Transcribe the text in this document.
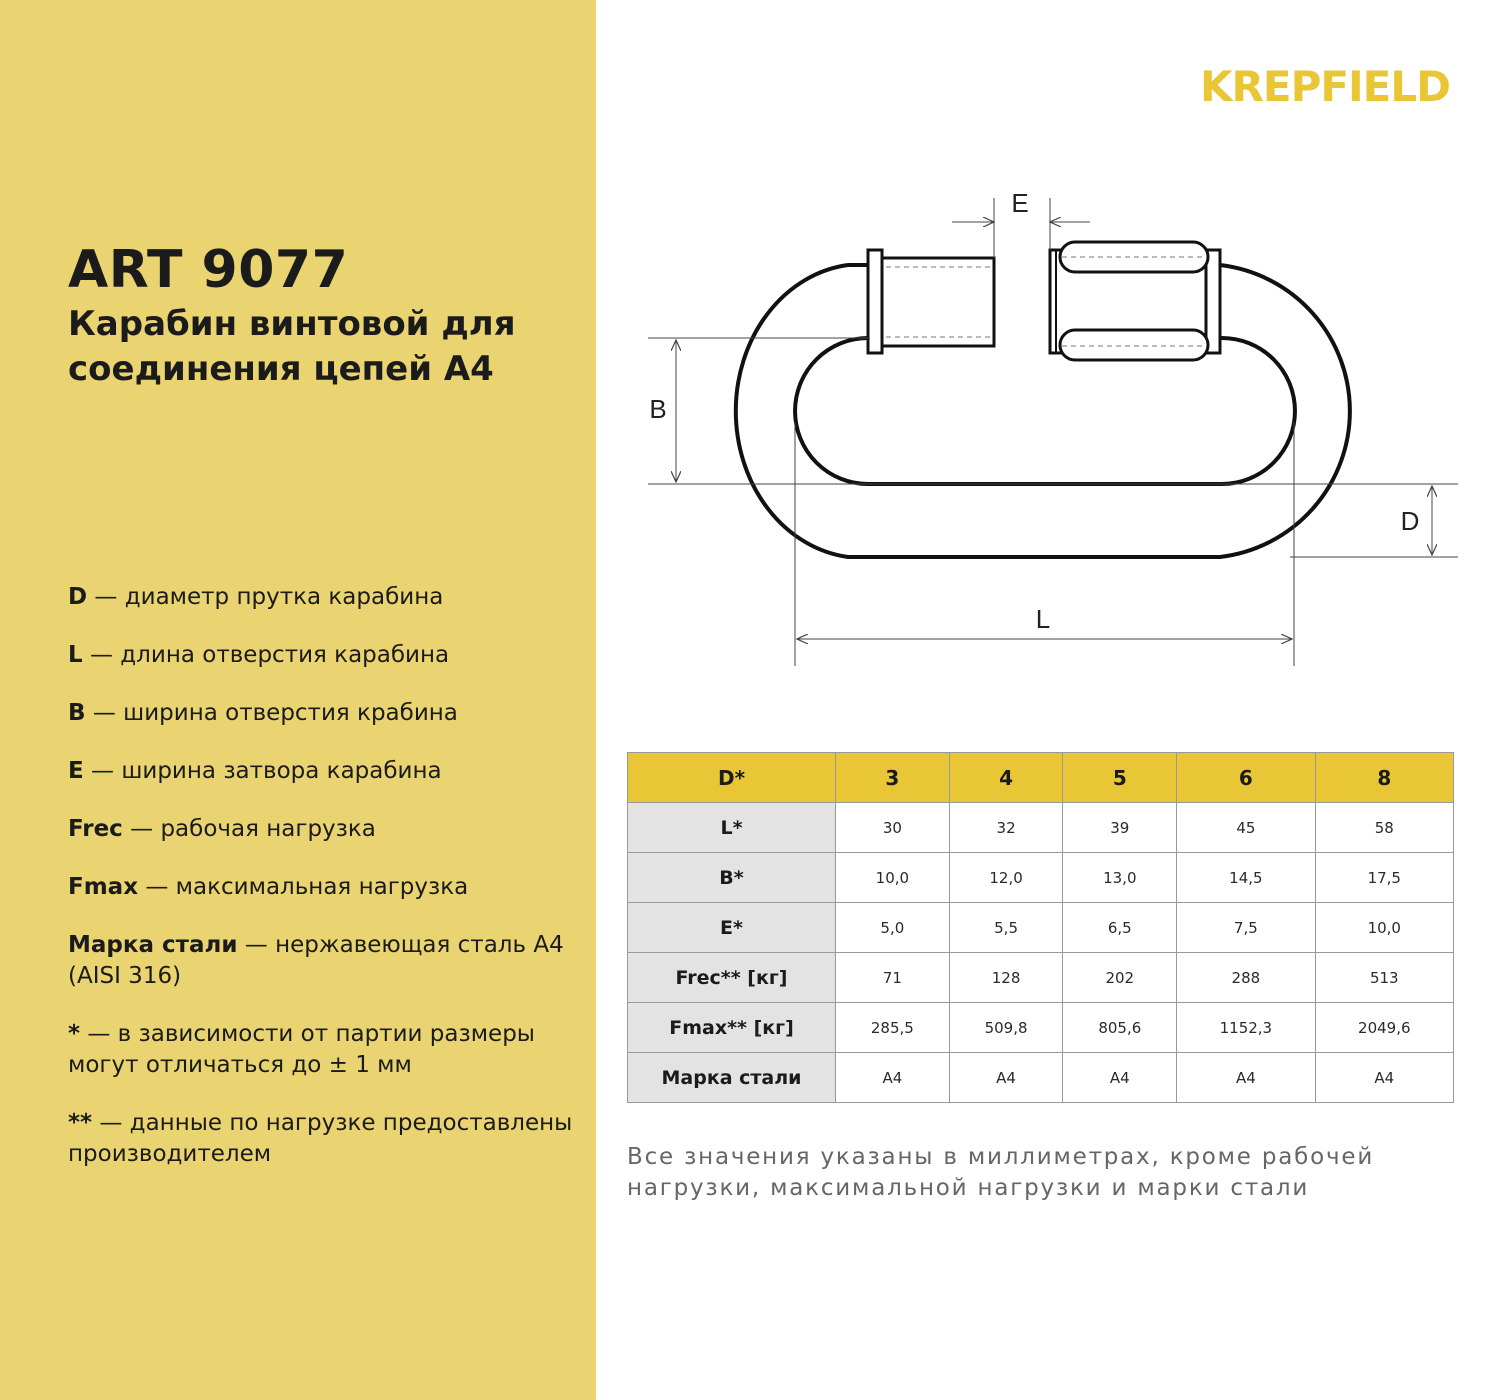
ART 9077
Карабин винтовой для соединения цепей А4
D — диаметр прутка карабина
L — длина отверстия карабина
B — ширина отверстия крабина
E — ширина затвора карабина
Frec — рабочая нагрузка
Fmax — максимальная нагрузка
Марка стали — нержавеющая сталь А4 (AISI 316)
* — в зависимости от партии размеры могут отличаться до ± 1 мм
** — данные по нагрузке предоставлены производителем
KREPFIELD
E
B
D
L
D*	3	4	5	6	8
L*	30	32	39	45	58
B*	10,0	12,0	13,0	14,5	17,5
E*	5,0	5,5	6,5	7,5	10,0
Frec** [кг]	71	128	202	288	513
Fmax** [кг]	285,5	509,8	805,6	1152,3	2049,6
Марка стали	А4	А4	А4	А4	А4

Все значения указаны в миллиметрах, кроме рабочей нагрузки, максимальной нагрузки и марки стали
